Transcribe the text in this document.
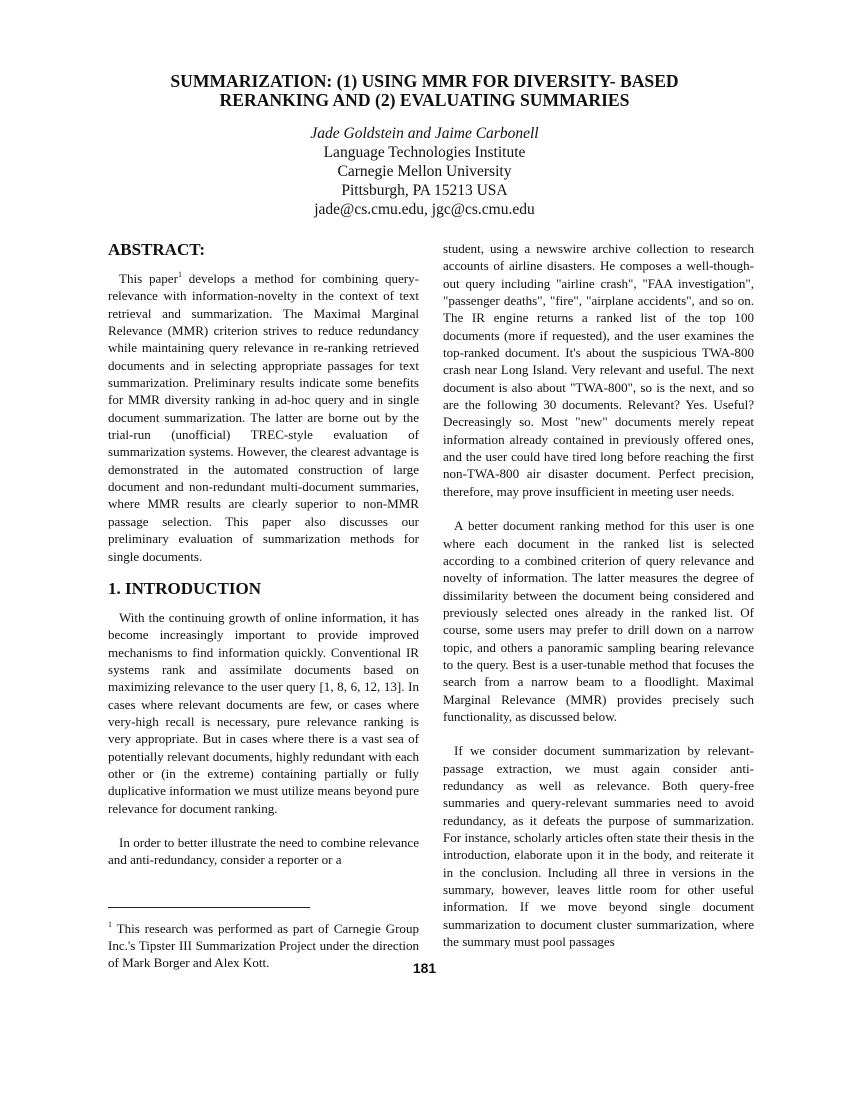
SUMMARIZATION: (1) USING MMR FOR DIVERSITY- BASED
RERANKING AND (2) EVALUATING SUMMARIES
Jade Goldstein and Jaime Carbonell
Language Technologies Institute
Carnegie Mellon University
Pittsburgh, PA 15213 USA
jade@cs.cmu.edu, jgc@cs.cmu.edu
ABSTRACT:

This paper$^1$ develops a method for combining query-relevance with information-novelty in the context of text retrieval and summarization. The Maximal Marginal Relevance (MMR) criterion strives to reduce redundancy while maintaining query relevance in re-ranking retrieved documents and in selecting appropriate passages for text summarization. Preliminary results indicate some benefits for MMR diversity ranking in ad-hoc query and in single document summarization. The latter are borne out by the trial-run (unofficial) TREC-style evaluation of summarization systems. However, the clearest advantage is demonstrated in the automated construction of large document and non-redundant multi-document summaries, where MMR results are clearly superior to non-MMR passage selection. This paper also discusses our preliminary evaluation of summarization methods for single documents.

1. INTRODUCTION

With the continuing growth of online information, it has become increasingly important to provide improved mechanisms to find information quickly. Conventional IR systems rank and assimilate documents based on maximizing relevance to the user query [1, 8, 6, 12, 13]. In cases where relevant documents are few, or cases where very-high recall is necessary, pure relevance ranking is very appropriate. But in cases where there is a vast sea of potentially relevant documents, highly redundant with each other or (in the extreme) containing partially or fully duplicative information we must utilize means beyond pure relevance for document ranking.

In order to better illustrate the need to combine relevance and anti-redundancy, consider a reporter or a

$^1$ This research was performed as part of Carnegie Group Inc.'s Tipster III Summarization Project under the direction of Mark Borger and Alex Kott.

student, using a newswire archive collection to research accounts of airline disasters. He composes a well-though-out query including "airline crash", "FAA investigation", "passenger deaths", "fire", "airplane accidents", and so on. The IR engine returns a ranked list of the top 100 documents (more if requested), and the user examines the top-ranked document. It's about the suspicious TWA-800 crash near Long Island. Very relevant and useful. The next document is also about "TWA-800", so is the next, and so are the following 30 documents. Relevant? Yes. Useful? Decreasingly so. Most "new" documents merely repeat information already contained in previously offered ones, and the user could have tired long before reaching the first non-TWA-800 air disaster document. Perfect precision, therefore, may prove insufficient in meeting user needs.

A better document ranking method for this user is one where each document in the ranked list is selected according to a combined criterion of query relevance and novelty of information. The latter measures the degree of dissimilarity between the document being considered and previously selected ones already in the ranked list. Of course, some users may prefer to drill down on a narrow topic, and others a panoramic sampling bearing relevance to the query. Best is a user-tunable method that focuses the search from a narrow beam to a floodlight. Maximal Marginal Relevance (MMR) provides precisely such functionality, as discussed below.

If we consider document summarization by relevant-passage extraction, we must again consider anti-redundancy as well as relevance. Both query-free summaries and query-relevant summaries need to avoid redundancy, as it defeats the purpose of summarization. For instance, scholarly articles often state their thesis in the introduction, elaborate upon it in the body, and reiterate it in the conclusion. Including all three in versions in the summary, however, leaves little room for other useful information. If we move beyond single document summarization to document cluster summarization, where the summary must pool passages

181
